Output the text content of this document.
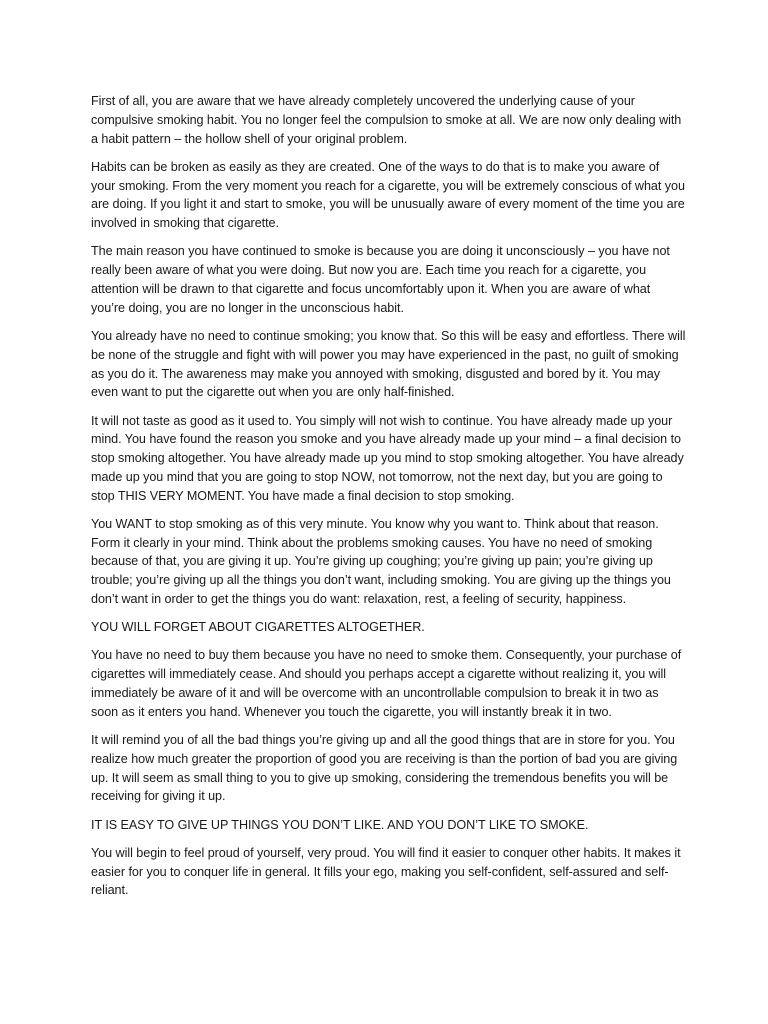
First of all, you are aware that we have already completely uncovered the underlying cause of your compulsive smoking habit. You no longer feel the compulsion to smoke at all. We are now only dealing with a habit pattern – the hollow shell of your original problem.

Habits can be broken as easily as they are created. One of the ways to do that is to make you aware of your smoking. From the very moment you reach for a cigarette, you will be extremely conscious of what you are doing. If you light it and start to smoke, you will be unusually aware of every moment of the time you are involved in smoking that cigarette.

The main reason you have continued to smoke is because you are doing it unconsciously – you have not really been aware of what you were doing. But now you are. Each time you reach for a cigarette, you attention will be drawn to that cigarette and focus uncomfortably upon it. When you are aware of what you’re doing, you are no longer in the unconscious habit.

You already have no need to continue smoking; you know that. So this will be easy and effortless. There will be none of the struggle and fight with will power you may have experienced in the past, no guilt of smoking as you do it. The awareness may make you annoyed with smoking, disgusted and bored by it. You may even want to put the cigarette out when you are only half-finished.

It will not taste as good as it used to. You simply will not wish to continue. You have already made up your mind. You have found the reason you smoke and you have already made up your mind – a final decision to stop smoking altogether. You have already made up you mind to stop smoking altogether. You have already made up you mind that you are going to stop NOW, not tomorrow, not the next day, but you are going to stop THIS VERY MOMENT. You have made a final decision to stop smoking.

You WANT to stop smoking as of this very minute. You know why you want to. Think about that reason. Form it clearly in your mind. Think about the problems smoking causes. You have no need of smoking because of that, you are giving it up. You’re giving up coughing; you’re giving up pain; you’re giving up trouble; you’re giving up all the things you don’t want, including smoking. You are giving up the things you don’t want in order to get the things you do want: relaxation, rest, a feeling of security, happiness.

YOU WILL FORGET ABOUT CIGARETTES ALTOGETHER.

You have no need to buy them because you have no need to smoke them. Consequently, your purchase of cigarettes will immediately cease. And should you perhaps accept a cigarette without realizing it, you will immediately be aware of it and will be overcome with an uncontrollable compulsion to break it in two as soon as it enters you hand. Whenever you touch the cigarette, you will instantly break it in two.

It will remind you of all the bad things you’re giving up and all the good things that are in store for you. You realize how much greater the proportion of good you are receiving is than the portion of bad you are giving up. It will seem as small thing to you to give up smoking, considering the tremendous benefits you will be receiving for giving it up.

IT IS EASY TO GIVE UP THINGS YOU DON’T LIKE. AND YOU DON’T LIKE TO SMOKE.

You will begin to feel proud of yourself, very proud. You will find it easier to conquer other habits. It makes it easier for you to conquer life in general. It fills your ego, making you self-confident, self-assured and self-reliant.
